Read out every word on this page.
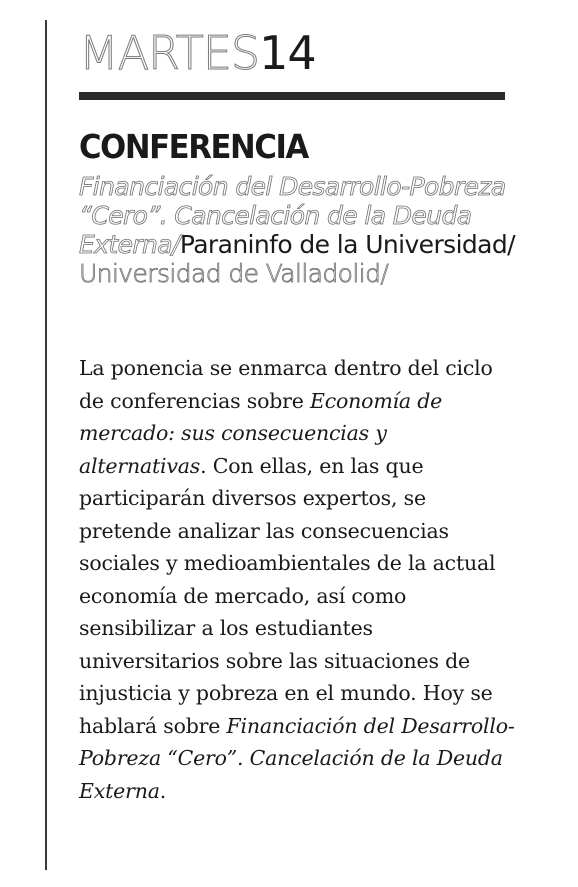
MARTES14
CONFERENCIA
Financiación del Desarrollo-Pobreza “Cero”. Cancelación de la Deuda Externa/Paraninfo de la Universidad/ Universidad de Valladolid/
La ponencia se enmarca dentro del ciclo de conferencias sobre Economía de mercado: sus consecuencias y alternativas. Con ellas, en las que participarán diversos expertos, se pretende analizar las consecuencias sociales y medioambientales de la actual economía de mercado, así como sensibilizar a los estudiantes universitarios sobre las situaciones de injusticia y pobreza en el mundo. Hoy se hablará sobre Financiación del Desarrollo-Pobreza “Cero”. Cancelación de la Deuda Externa.
